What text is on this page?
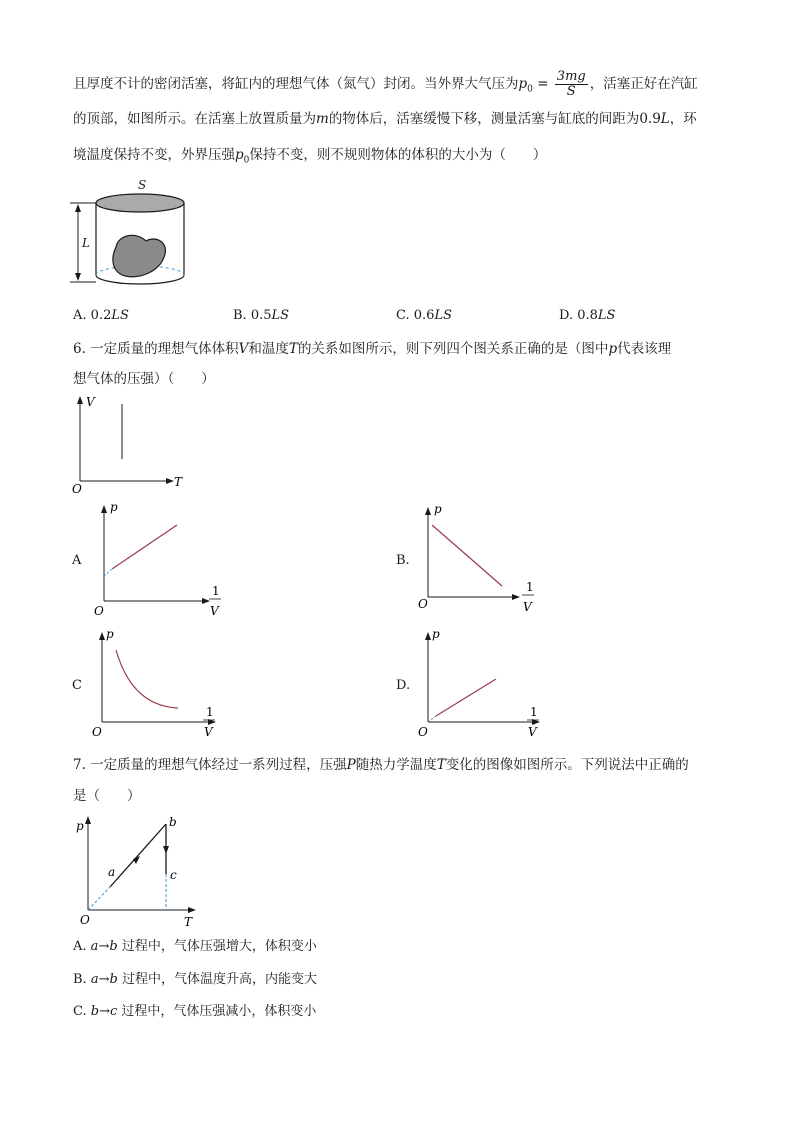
且厚度不计的密闭活塞，将缸内的理想气体（氮气）封闭。当外界大气压为$p_0 = \frac{3mg}{S}$ ，活塞正好在汽缸
的顶部，如图所示。在活塞上放置质量为m的物体后，活塞缓慢下移，测量活塞与缸底的间距为0.9L，环
境温度保持不变，外界压强$p_0$保持不变，则不规则物体的体积的大小为（　　）
S
L
A. 0.2LS	B. 0.5LS	C. 0.6LS	D. 0.8LS
6. 一定质量的理想气体体积V和温度T的关系如图所示，则下列四个图关系正确的是（图中p代表该理
想气体的压强）（　　）
V
T
O
A
p
1
V
O
B.
p
1
V
O
C
p
1
V
O
D.
p
1
V
O
7. 一定质量的理想气体经过一系列过程，压强P随热力学温度T变化的图像如图所示。下列说法中正确的
是（　　）
p
T
O
a
b
c
A. a→b 过程中，气体压强增大，体积变小
B. a→b 过程中，气体温度升高，内能变大
C. b→c 过程中，气体压强减小，体积变小
